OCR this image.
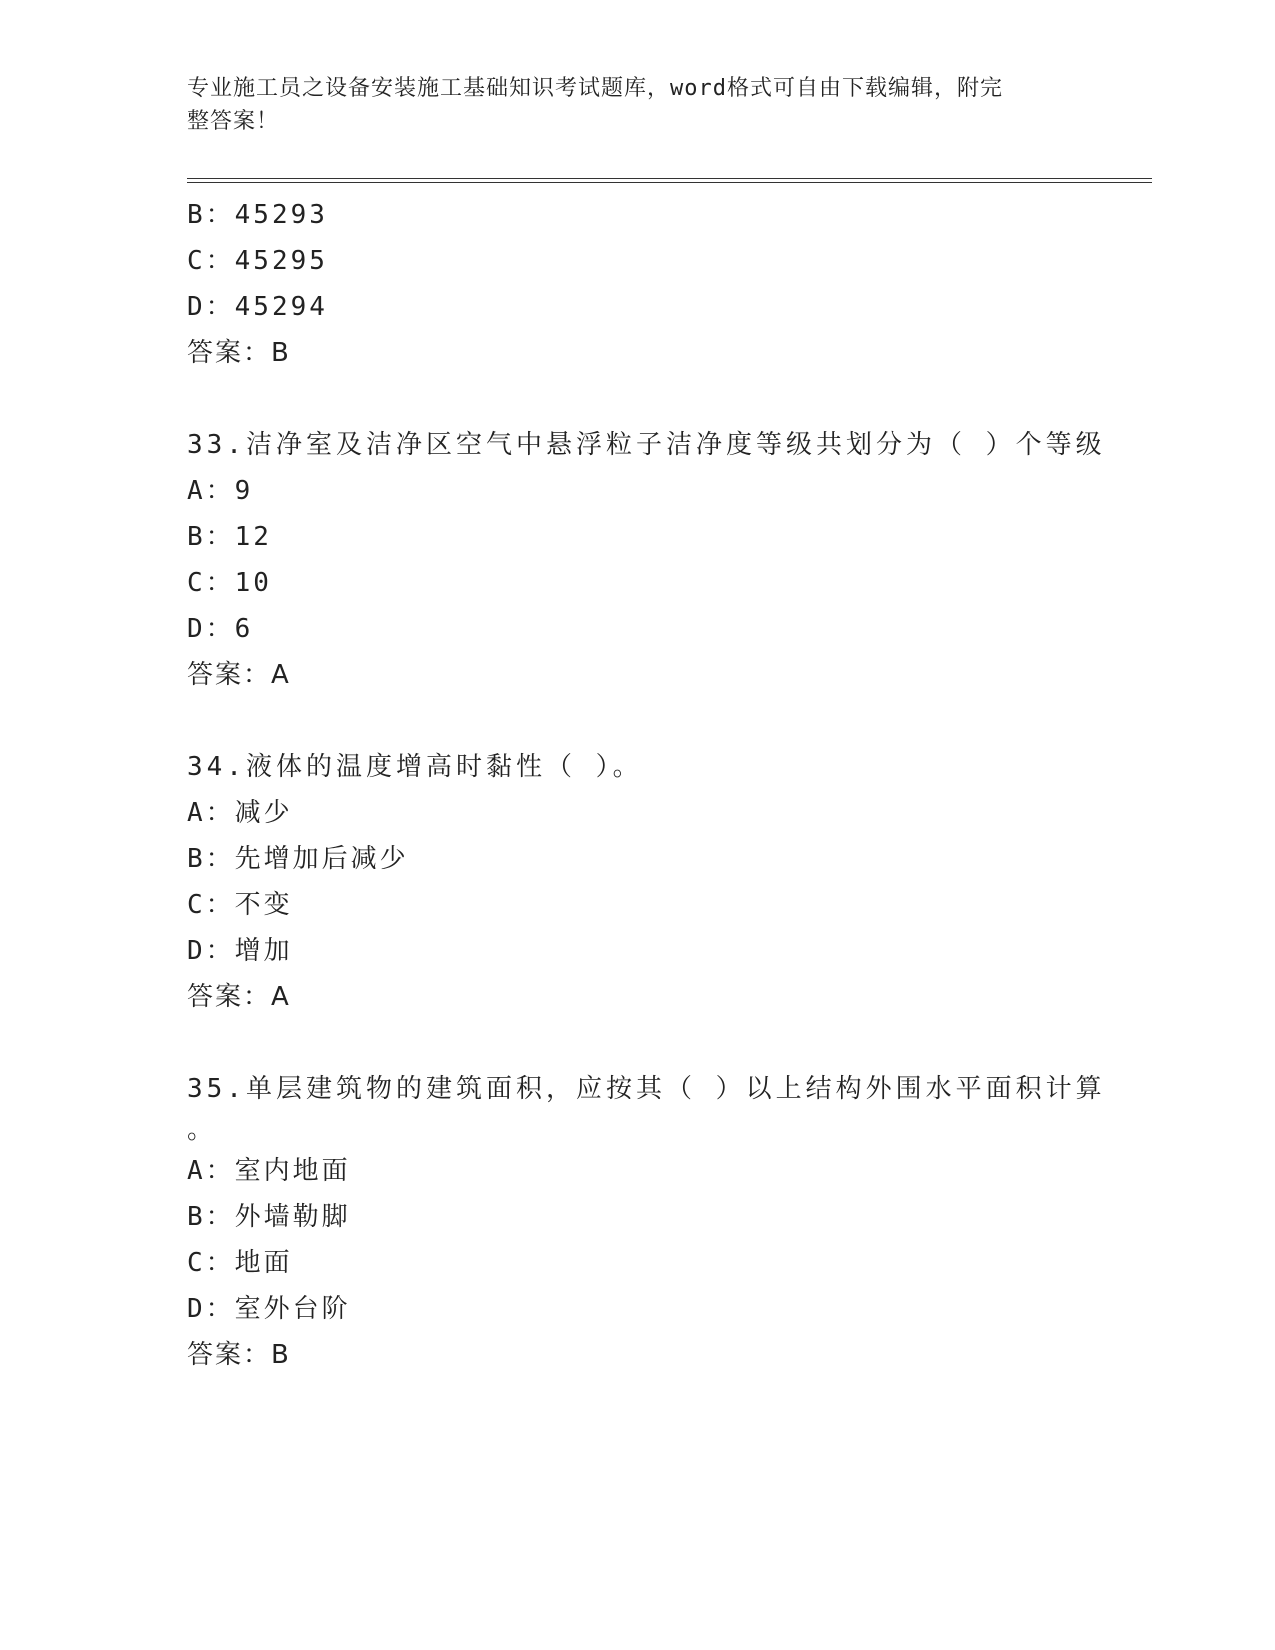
专业施工员之设备安装施工基础知识考试题库，word格式可自由下载编辑，附完
整答案！
B：45293
C：45295
D：45294
答案：B
33.洁净室及洁净区空气中悬浮粒子洁净度等级共划分为（ ）个等级
A：9
B：12
C：10
D：6
答案：A
34.液体的温度增高时黏性（ ）。
A：减少
B：先增加后减少
C：不变
D：增加
答案：A
35.单层建筑物的建筑面积，应按其（ ）以上结构外围水平面积计算
。
A：室内地面
B：外墙勒脚
C：地面
D：室外台阶
答案：B
